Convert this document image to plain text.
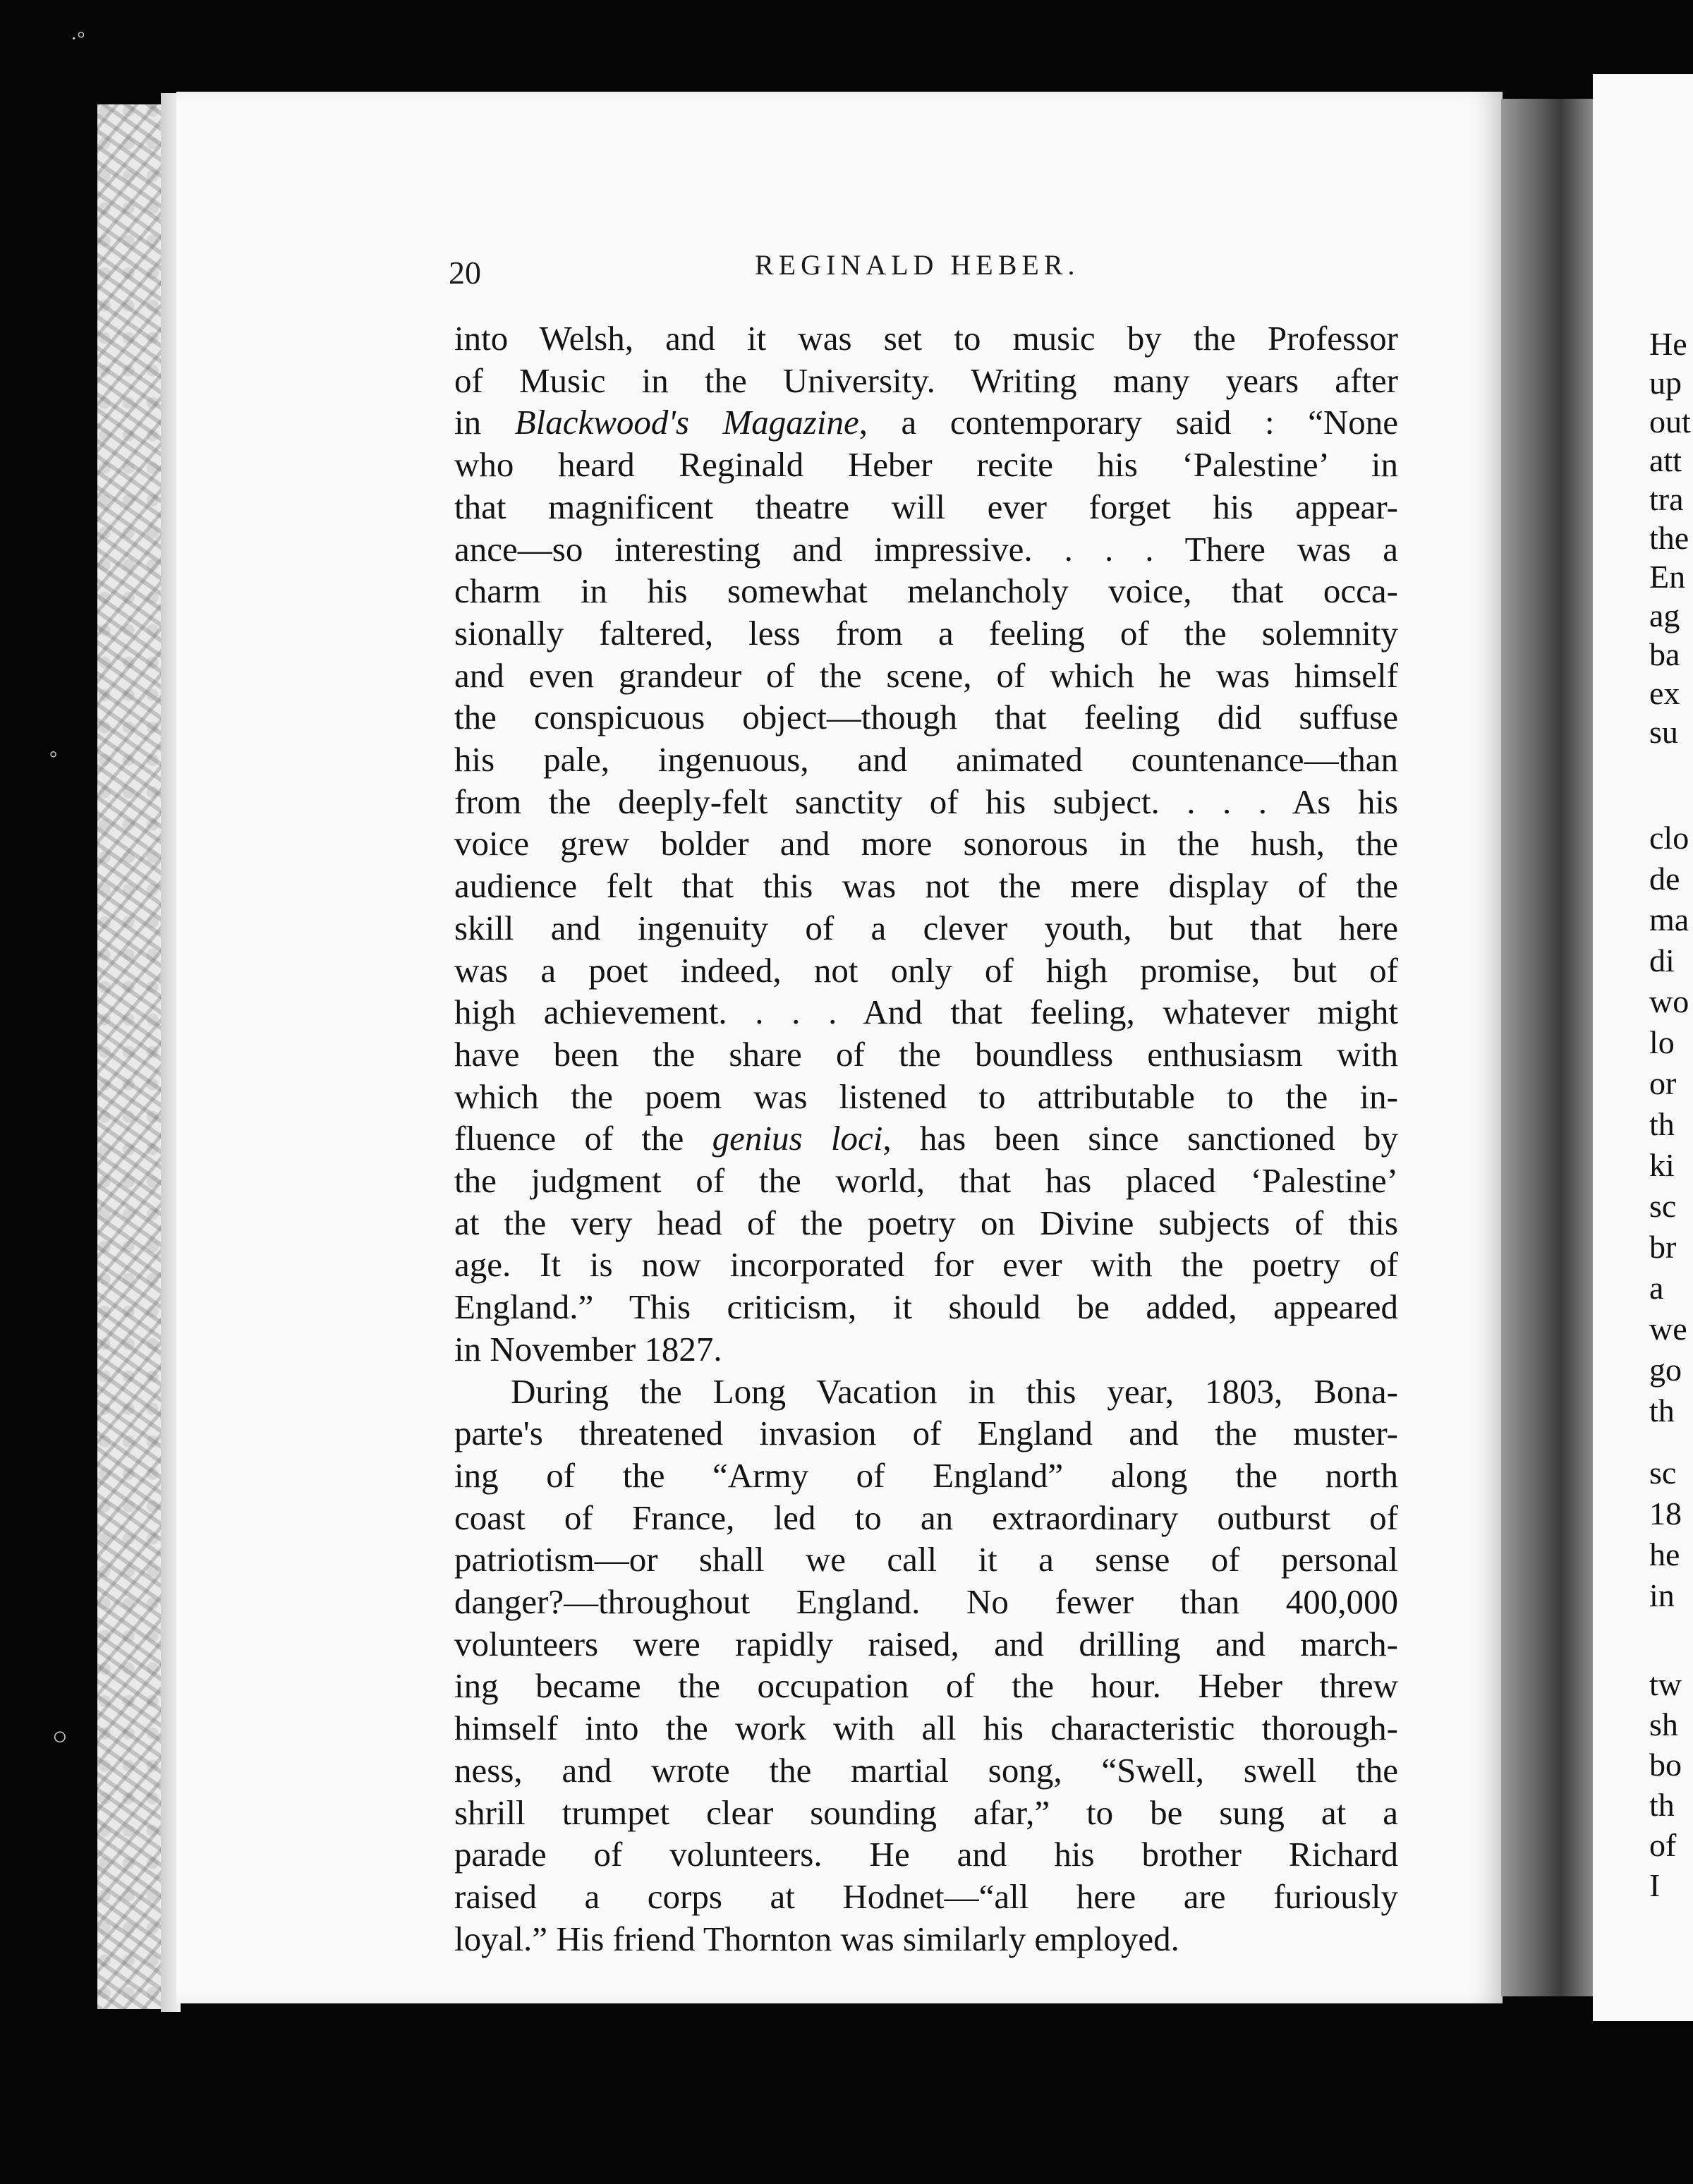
·°
°
○
He
up
out
att
tra
the
En
ag
ba
ex
su
clo
de
ma
di
wo
lo
or
th
ki
sc
br
a
we
go
th
sc
18
he
in
tw
sh
bo
th
of
I
20	REGINALD HEBER.
into Welsh, and it was set to music by the Professor
of Music in the University. Writing many years after
in Blackwood's Magazine, a contemporary said : “None
who heard Reginald Heber recite his ‘Palestine’ in
that magnificent theatre will ever forget his appear-
ance—so interesting and impressive. . . . There was a
charm in his somewhat melancholy voice, that occa-
sionally faltered, less from a feeling of the solemnity
and even grandeur of the scene, of which he was himself
the conspicuous object—though that feeling did suffuse
his pale, ingenuous, and animated countenance—than
from the deeply-felt sanctity of his subject. . . . As his
voice grew bolder and more sonorous in the hush, the
audience felt that this was not the mere display of the
skill and ingenuity of a clever youth, but that here
was a poet indeed, not only of high promise, but of
high achievement. . . . And that feeling, whatever might
have been the share of the boundless enthusiasm with
which the poem was listened to attributable to the in-
fluence of the genius loci, has been since sanctioned by
the judgment of the world, that has placed ‘Palestine’
at the very head of the poetry on Divine subjects of this
age. It is now incorporated for ever with the poetry of
England.” This criticism, it should be added, appeared
in November 1827.
During the Long Vacation in this year, 1803, Bona-
parte's threatened invasion of England and the muster-
ing of the “Army of England” along the north
coast of France, led to an extraordinary outburst of
patriotism—or shall we call it a sense of personal
danger?—throughout England. No fewer than 400,000
volunteers were rapidly raised, and drilling and march-
ing became the occupation of the hour. Heber threw
himself into the work with all his characteristic thorough-
ness, and wrote the martial song, “Swell, swell the
shrill trumpet clear sounding afar,” to be sung at a
parade of volunteers. He and his brother Richard
raised a corps at Hodnet—“all here are furiously
loyal.” His friend Thornton was similarly employed.
